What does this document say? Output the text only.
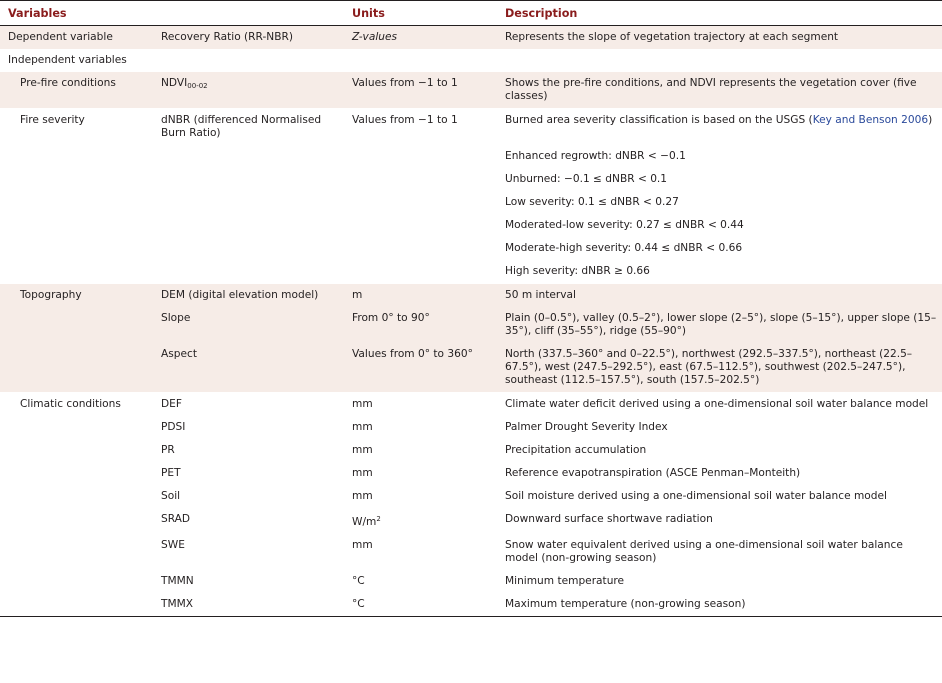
Variables		Units	Description
Dependent variable	Recovery Ratio (RR-NBR)	Z-values	Represents the slope of vegetation trajectory at each segment
Independent variables			
Pre-fire conditions	$NDVI_{00-02}$	Values from −1 to 1	Shows the pre-fire conditions, and NDVI represents the vegetation cover (five classes)
Fire severity	dNBR (differenced Normalised Burn Ratio)	Values from −1 to 1	Burned area severity classification is based on the USGS (Key and Benson 2006)
			Enhanced regrowth: dNBR < −0.1
			Unburned: −0.1 ≤ dNBR < 0.1
			Low severity: 0.1 ≤ dNBR < 0.27
			Moderated-low severity: 0.27 ≤ dNBR < 0.44
			Moderate-high severity: 0.44 ≤ dNBR < 0.66
			High severity: dNBR ≥ 0.66
Topography	DEM (digital elevation model)	m	50 m interval
	Slope	From 0° to 90°	Plain (0–0.5°), valley (0.5–2°), lower slope (2–5°), slope (5–15°), upper slope (15–35°), cliff (35–55°), ridge (55–90°)
	Aspect	Values from 0° to 360°	North (337.5–360° and 0–22.5°), northwest (292.5–337.5°), northeast (22.5–67.5°), west (247.5–292.5°), east (67.5–112.5°), southwest (202.5–247.5°), southeast (112.5–157.5°), south (157.5–202.5°)
Climatic conditions	DEF	mm	Climate water deficit derived using a one-dimensional soil water balance model
	PDSI	mm	Palmer Drought Severity Index
	PR	mm	Precipitation accumulation
	PET	mm	Reference evapotranspiration (ASCE Penman–Monteith)
	Soil	mm	Soil moisture derived using a one-dimensional soil water balance model
	SRAD	$W/m^2$	Downward surface shortwave radiation
	SWE	mm	Snow water equivalent derived using a one-dimensional soil water balance model (non-growing season)
	TMMN	°C	Minimum temperature
	TMMX	°C	Maximum temperature (non-growing season)
